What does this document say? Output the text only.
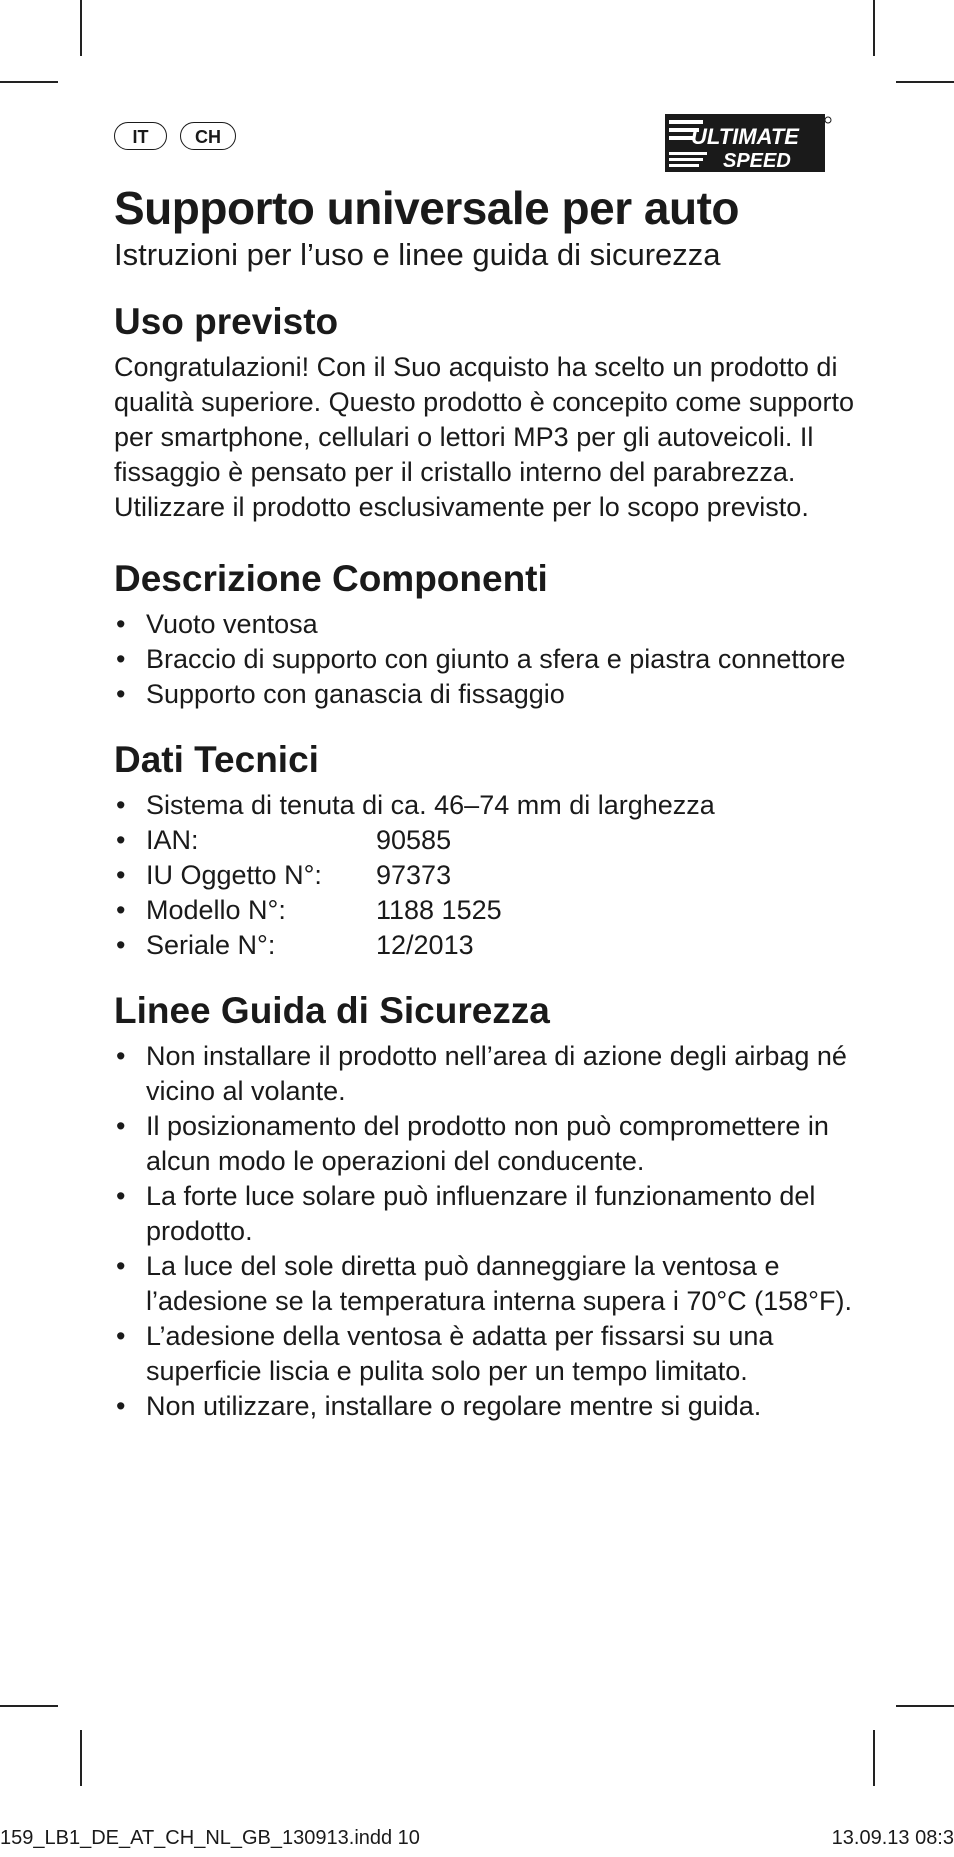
IT	CH	ULTIMATE
SPEED
Supporto universale per auto

Istruzioni per l’uso e linee guida di sicurezza

Uso previsto

Congratulazioni! Con il Suo acquisto ha scelto un prodotto di qualità superiore. Questo prodotto è concepito come supporto per smartphone, cellulari o lettori MP3 per gli autoveicoli. Il fissaggio è pensato per il cristallo interno del parabrezza. Utilizzare il prodotto esclusivamente per lo scopo previsto.

Descrizione Componenti
• Vuoto ventosa
• Braccio di supporto con giunto a sfera e piastra connettore
• Supporto con ganascia di fissaggio
Dati Tecnici
• Sistema di tenuta di ca. 46–74 mm di larghezza
• IAN:	90585
• IU Oggetto N°:	97373
• Modello N°:	1188 1525
• Seriale N°:	12/2013
Linee Guida di Sicurezza
• Non installare il prodotto nell’area di azione degli airbag né vicino al volante.
• Il posizionamento del prodotto non può compromettere in alcun modo le operazioni del conducente.
• La forte luce solare può influenzare il funzionamento del prodotto.
• La luce del sole diretta può danneggiare la ventosa e l’adesione se la temperatura interna supera i 70°C (158°F).
• L’adesione della ventosa è adatta per fissarsi su una superficie liscia e pulita solo per un tempo limitato.
• Non utilizzare, installare o regolare mentre si guida.
159_LB1_DE_AT_CH_NL_GB_130913.indd 10	13.09.13 08:3
